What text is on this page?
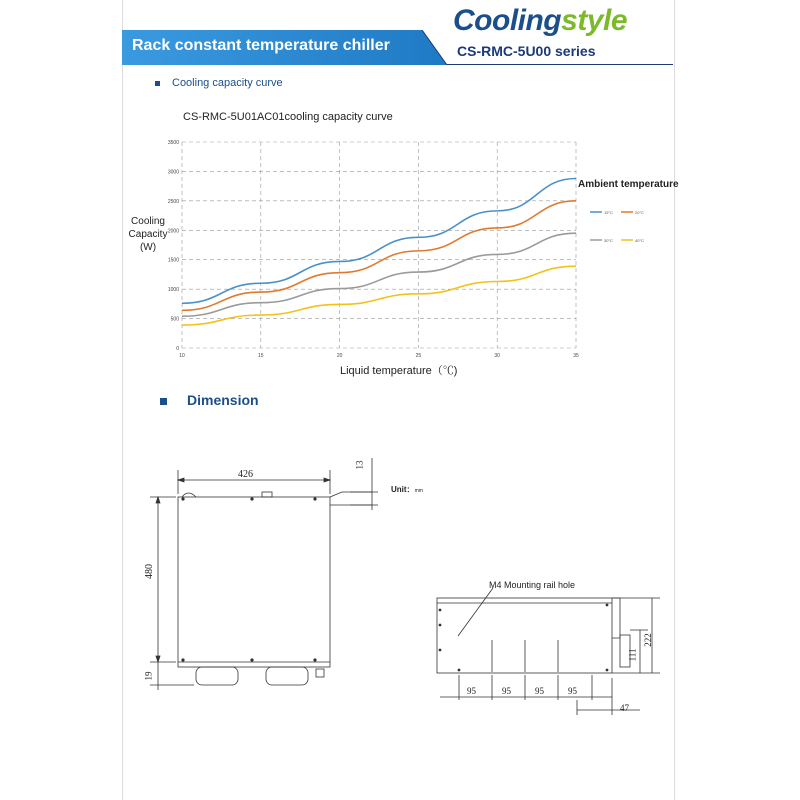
Coolingstyle
Rack constant temperature chiller	CS-RMC-5U00 series
Cooling capacity curve
CS-RMC-5U01AC01cooling capacity curve
Cooling
Capacity
(W)
Liquid temperature（℃)
0
500
1000
1500
2000
2500
3000
3500
10	15	20	25	30	35
Ambient temperature
15°C	20°C
30°C	40°C
Dimension
426
480
13
19
Unit：mm
M4 Mounting rail hole
95	95	95	95
47
222
111
